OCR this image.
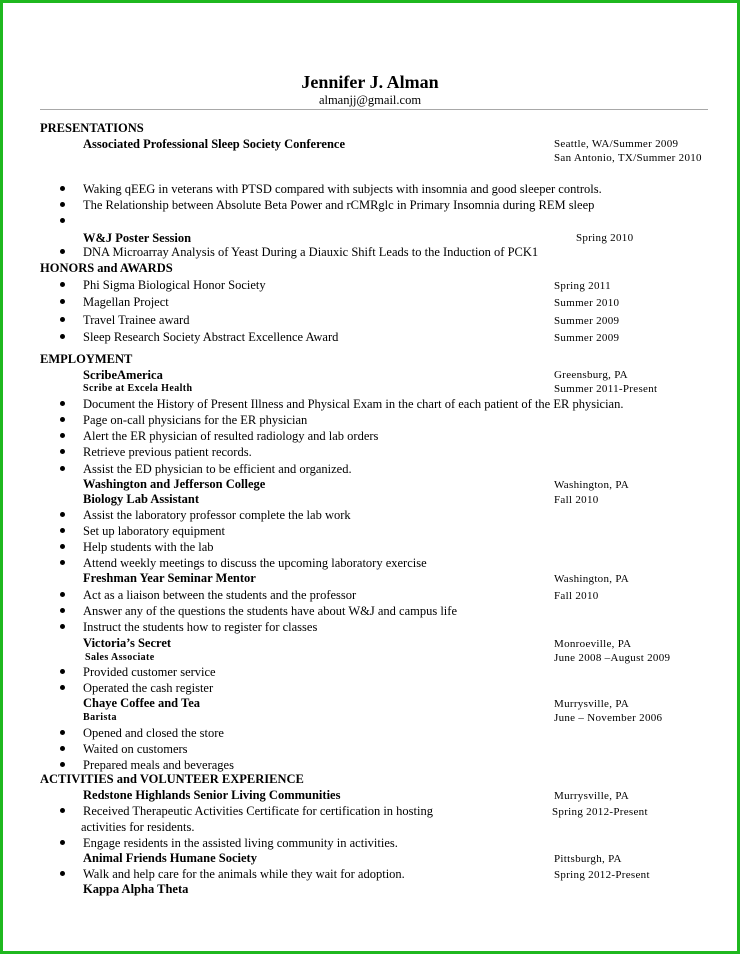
Jennifer J. Alman
almanjj@gmail.com
PRESENTATIONS
Associated Professional Sleep Society Conference	Seattle, WA/Summer 2009
San Antonio, TX/Summer 2010
Waking qEEG in veterans with PTSD compared with subjects with insomnia and good sleeper controls.
The Relationship between Absolute Beta Power and rCMRglc in Primary Insomnia during REM sleep
W&J Poster Session	Spring 2010
DNA Microarray Analysis of Yeast During a Diauxic Shift Leads to the Induction of PCK1
HONORS and AWARDS
Phi Sigma Biological Honor Society	Spring 2011
Magellan Project	Summer 2010
Travel Trainee award	Summer 2009
Sleep Research Society Abstract Excellence Award	Summer 2009
EMPLOYMENT
ScribeAmerica	Greensburg, PA
Scribe at Excela Health	Summer 2011-Present
Document the History of Present Illness and Physical Exam in the chart of each patient of the ER physician.
Page on-call physicians for the ER physician
Alert the ER physician of resulted radiology and lab orders
Retrieve previous patient records.
Assist the ED physician to be efficient and organized.
Washington and Jefferson College	Washington, PA
Biology Lab Assistant	Fall 2010
Assist the laboratory professor complete the lab work
Set up laboratory equipment
Help students with the lab
Attend weekly meetings to discuss the upcoming laboratory exercise
Freshman Year Seminar Mentor	Washington, PA
Act as a liaison between the students and the professor	Fall 2010
Answer any of the questions the students have about W&J and campus life
Instruct the students how to register for classes
Victoria’s Secret	Monroeville, PA
Sales Associate	June 2008 –August 2009
Provided customer service
Operated the cash register
Chaye Coffee and Tea	Murrysville, PA
Barista	June – November 2006
Opened and closed the store
Waited on customers
Prepared meals and beverages
ACTIVITIES and VOLUNTEER EXPERIENCE
Redstone Highlands Senior Living Communities	Murrysville, PA
Received Therapeutic Activities Certificate for certification in hosting	Spring 2012-Present
activities for residents.
Engage residents in the assisted living community in activities.
Animal Friends Humane Society	Pittsburgh, PA
Walk and help care for the animals while they wait for adoption.	Spring 2012-Present
Kappa Alpha Theta
